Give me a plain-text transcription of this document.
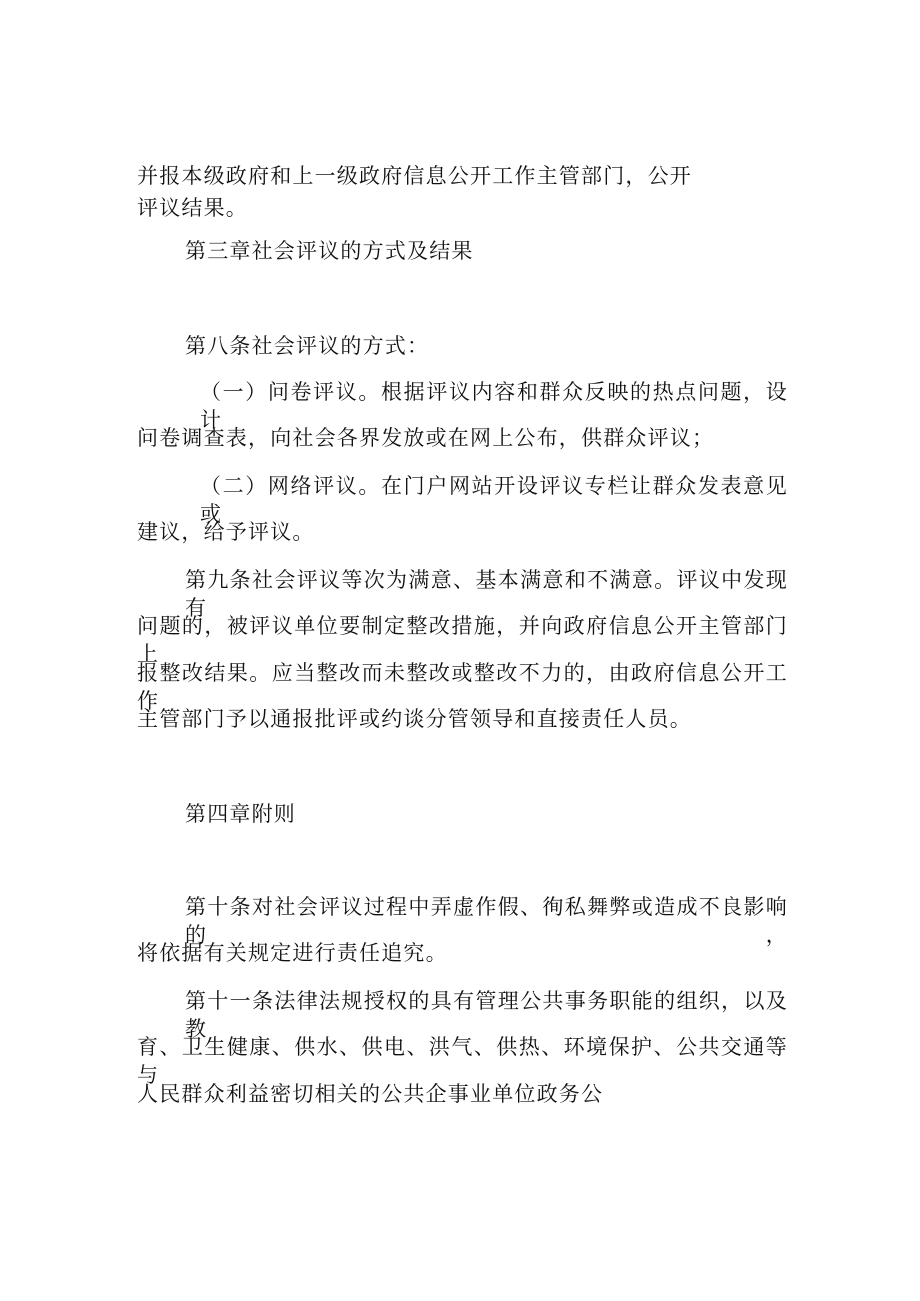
并报本级政府和上一级政府信息公开工作主管部门，公开
评议结果。
第三章社会评议的方式及结果
第八条社会评议的方式：
（一）问卷评议。根据评议内容和群众反映的热点问题，设计
问卷调查表，向社会各界发放或在网上公布，供群众评议；
（二）网络评议。在门户网站开设评议专栏让群众发表意见或
建议，给予评议。
第九条社会评议等次为满意、基本满意和不满意。评议中发现有
问题的，被评议单位要制定整改措施，并向政府信息公开主管部门上
报整改结果。应当整改而未整改或整改不力的，由政府信息公开工作
主管部门予以通报批评或约谈分管领导和直接责任人员。
第四章附则
第十条对社会评议过程中弄虚作假、徇私舞弊或造成不良影响的，
将依据有关规定进行责任追究。
第十一条法律法规授权的具有管理公共事务职能的组织，以及教
育、卫生健康、供水、供电、洪气、供热、环境保护、公共交通等与
人民群众利益密切相关的公共企事业单位政务公
